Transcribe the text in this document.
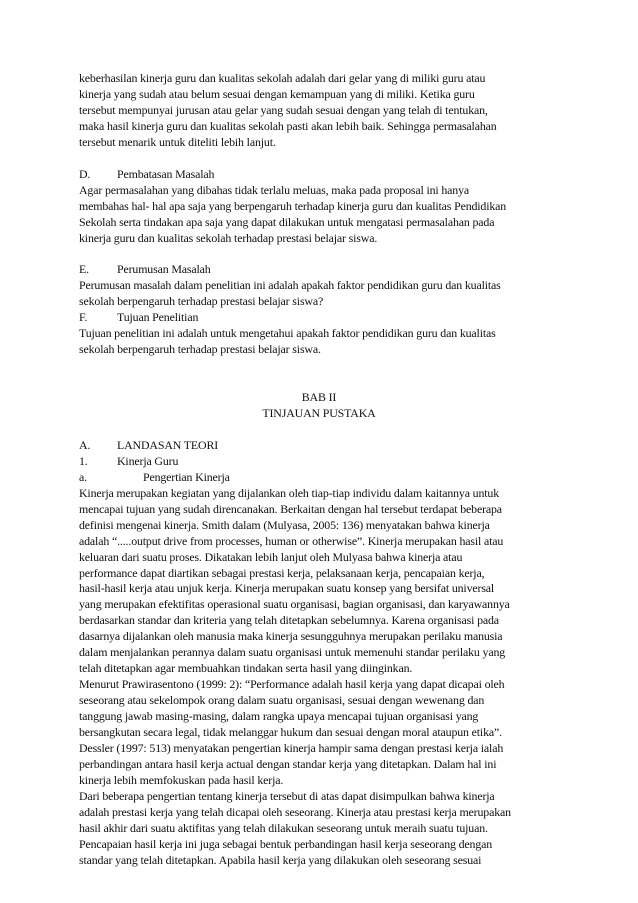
keberhasilan kinerja guru dan kualitas sekolah adalah dari gelar yang di miliki guru atau
kinerja yang sudah atau belum sesuai dengan kemampuan yang di miliki. Ketika guru
tersebut mempunyai jurusan atau gelar yang sudah sesuai dengan yang telah di tentukan,
maka hasil kinerja guru dan kualitas sekolah pasti akan lebih baik. Sehingga permasalahan
tersebut menarik untuk diteliti lebih lanjut.
D. Pembatasan Masalah
Agar permasalahan yang dibahas tidak terlalu meluas, maka pada proposal ini hanya
membahas hal- hal apa saja yang berpengaruh terhadap kinerja guru dan kualitas Pendidikan
Sekolah serta tindakan apa saja yang dapat dilakukan untuk mengatasi permasalahan pada
kinerja guru dan kualitas sekolah terhadap prestasi belajar siswa.
E. Perumusan Masalah
Perumusan masalah dalam penelitian ini adalah apakah faktor pendidikan guru dan kualitas
sekolah berpengaruh terhadap prestasi belajar siswa?
F. Tujuan Penelitian
Tujuan penelitian ini adalah untuk mengetahui apakah faktor pendidikan guru dan kualitas
sekolah berpengaruh terhadap prestasi belajar siswa.
BAB II
TINJAUAN PUSTAKA
A. LANDASAN TEORI
1. Kinerja Guru
a.	Pengertian Kinerja
Kinerja merupakan kegiatan yang dijalankan oleh tiap-tiap individu dalam kaitannya untuk
mencapai tujuan yang sudah direncanakan. Berkaitan dengan hal tersebut terdapat beberapa
definisi mengenai kinerja. Smith dalam (Mulyasa, 2005: 136) menyatakan bahwa kinerja
adalah “.....output drive from processes, human or otherwise”. Kinerja merupakan hasil atau
keluaran dari suatu proses. Dikatakan lebih lanjut oleh Mulyasa bahwa kinerja atau
performance dapat diartikan sebagai prestasi kerja, pelaksanaan kerja, pencapaian kerja,
hasil-hasil kerja atau unjuk kerja. Kinerja merupakan suatu konsep yang bersifat universal
yang merupakan efektifitas operasional suatu organisasi, bagian organisasi, dan karyawannya
berdasarkan standar dan kriteria yang telah ditetapkan sebelumnya. Karena organisasi pada
dasarnya dijalankan oleh manusia maka kinerja sesungguhnya merupakan perilaku manusia
dalam menjalankan perannya dalam suatu organisasi untuk memenuhi standar perilaku yang
telah ditetapkan agar membuahkan tindakan serta hasil yang diinginkan.
Menurut Prawirasentono (1999: 2): “Performance adalah hasil kerja yang dapat dicapai oleh
seseorang atau sekelompok orang dalam suatu organisasi, sesuai dengan wewenang dan
tanggung jawab masing-masing, dalam rangka upaya mencapai tujuan organisasi yang
bersangkutan secara legal, tidak melanggar hukum dan sesuai dengan moral ataupun etika”.
Dessler (1997: 513) menyatakan pengertian kinerja hampir sama dengan prestasi kerja ialah
perbandingan antara hasil kerja actual dengan standar kerja yang ditetapkan. Dalam hal ini
kinerja lebih memfokuskan pada hasil kerja.
Dari beberapa pengertian tentang kinerja tersebut di atas dapat disimpulkan bahwa kinerja
adalah prestasi kerja yang telah dicapai oleh seseorang. Kinerja atau prestasi kerja merupakan
hasil akhir dari suatu aktifitas yang telah dilakukan seseorang untuk meraih suatu tujuan.
Pencapaian hasil kerja ini juga sebagai bentuk perbandingan hasil kerja seseorang dengan
standar yang telah ditetapkan. Apabila hasil kerja yang dilakukan oleh seseorang sesuai
